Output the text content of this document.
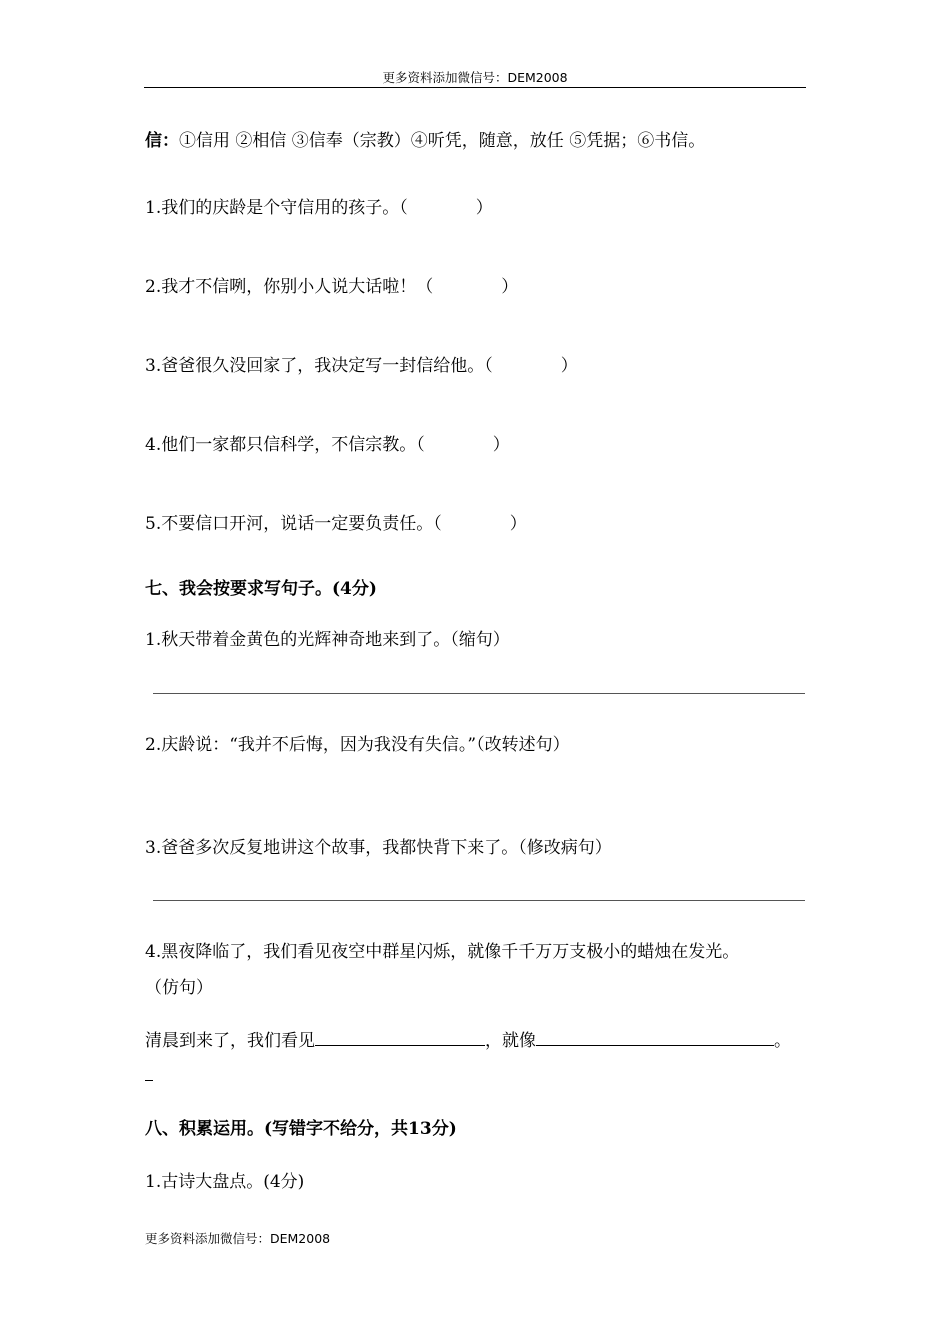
更多资料添加微信号：DEM2008
信：①信用 ②相信 ③信奉（宗教）④听凭，随意，放任 ⑤凭据；⑥书信。
1.我们的庆龄是个守信用的孩子。（　　　　）
2.我才不信咧，你别小人说大话啦！（　　　　）
3.爸爸很久没回家了，我决定写一封信给他。（　　　　）
4.他们一家都只信科学，不信宗教。（　　　　）
5.不要信口开河，说话一定要负责任。（　　　　）
七、我会按要求写句子。(4分)
1.秋天带着金黄色的光辉神奇地来到了。（缩句）
2.庆龄说：“我并不后悔，因为我没有失信。”（改转述句）
3.爸爸多次反复地讲这个故事，我都快背下来了。（修改病句）
4.黑夜降临了，我们看见夜空中群星闪烁，就像千千万万支极小的蜡烛在发光。
（仿句）
清晨到来了，我们看见	，就像	。
八、积累运用。(写错字不给分，共13分)
1.古诗大盘点。(4分)
更多资料添加微信号：DEM2008
